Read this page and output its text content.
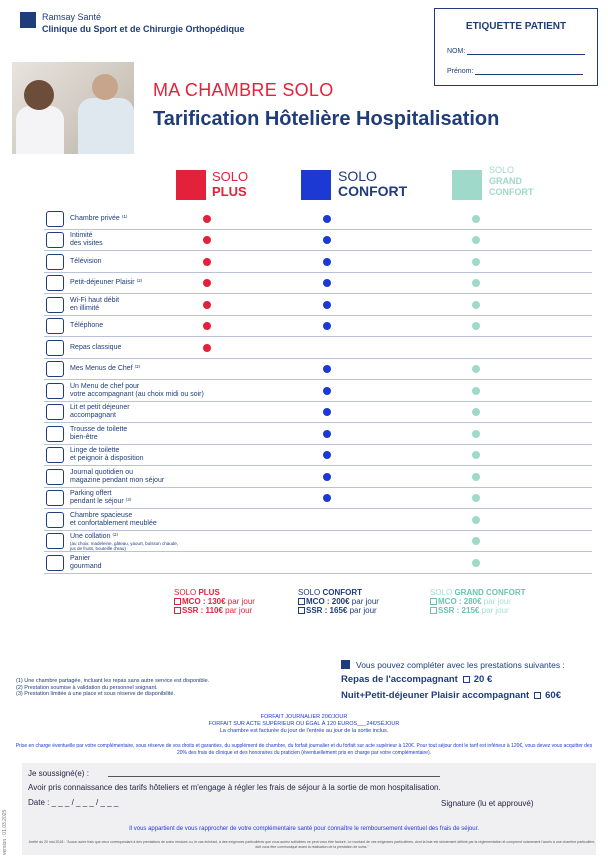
Ramsay Santé
Clinique du Sport et de Chirurgie Orthopédique	ETIQUETTE PATIENT
NOM:
Prénom:
MA CHAMBRE SOLO
Tarification Hôtelière Hospitalisation
SOLO
PLUS
SOLO
CONFORT
SOLO
GRAND
CONFORT
Chambre privée ⁽¹⁾
Intimité
des visites
Télévision
Petit-déjeuner Plaisir ⁽²⁾
Wi-Fi haut débit
en illimité
Téléphone
Repas classique
Mes Menus de Chef ⁽²⁾
Un Menu de chef pour
votre accompagnant (au choix midi ou soir)
Lit et petit déjeuner
accompagnant
Trousse de toilette
bien-être
Linge de toilette
et peignoir à disposition
Journal quotidien ou
magazine pendant mon séjour
Parking offert
pendant le séjour ⁽³⁾
Chambre spacieuse
et confortablement meublée
Une collation ⁽²⁾
(au choix: madeleine, gâteau, yaourt, boisson chaude, jus de fruits, bouteille d'eau)
Panier
gourmand
SOLO PLUS
MCO : 130€ par jour
SSR : 110€ par jour
SOLO CONFORT
MCO : 200€ par jour
SSR : 165€ par jour
SOLO GRAND CONFORT
MCO : 280€ par jour
SSR : 215€ par jour
Vous pouvez compléter avec les prestations suivantes :
Repas de l'accompagnant 20 €
Nuit+Petit-déjeuner Plaisir accompagnant 60€
(1) Une chambre partagée, incluant les repas sans autre service est disponible.
(2) Prestation soumise à validation du personnel soignant.
(3) Prestation limitée à une place et sous réserve de disponibilité.
FORFAIT JOURNALIER 20€/JOUR
FORFAIT SUR ACTE SUPÉRIEUR OU ÉGAL À 120 EUROS___24€/SÉJOUR
La chambre est facturée du jour de l'entrée au jour de la sortie inclus.
Prise en charge éventuelle par votre complémentaire, sous réserve de vos droits et garanties, du supplément de chambre, du forfait journalier et du forfait sur acte supérieur à 120€. Pour tout séjour dont le tarif est inférieur à 120€, vous devez vous acquitter des 20% des frais de clinique et des honoraires du praticien (éventuellement pris en charge par votre complémentaire).
Je soussigné(e) :
Avoir pris connaissance des tarifs hôteliers et m'engage à régler les frais de séjour à la sortie de mon hospitalisation.
Date : _ _ _ / _ _ _ / _ _ _	Signature (lu et approuvé)
Il vous appartient de vous rapprocher de votre complémentaire santé pour connaître le remboursement éventuel des frais de séjour.
Arrêté du 20 mai 2018 : "Aucun autre frais que ceux correspondant à des prestations de soins rendues ou, le cas échéant, à des exigences particulières que vous auriez sollicitées ne peut vous être facturé. Le montant de ces exigences particulières, dont la liste est strictement définie par la réglementation et comprend notamment l'accès à une chambre particulière, doit vous être communiqué avant la réalisation de la prestation de soins."
version : 01.03.2025
